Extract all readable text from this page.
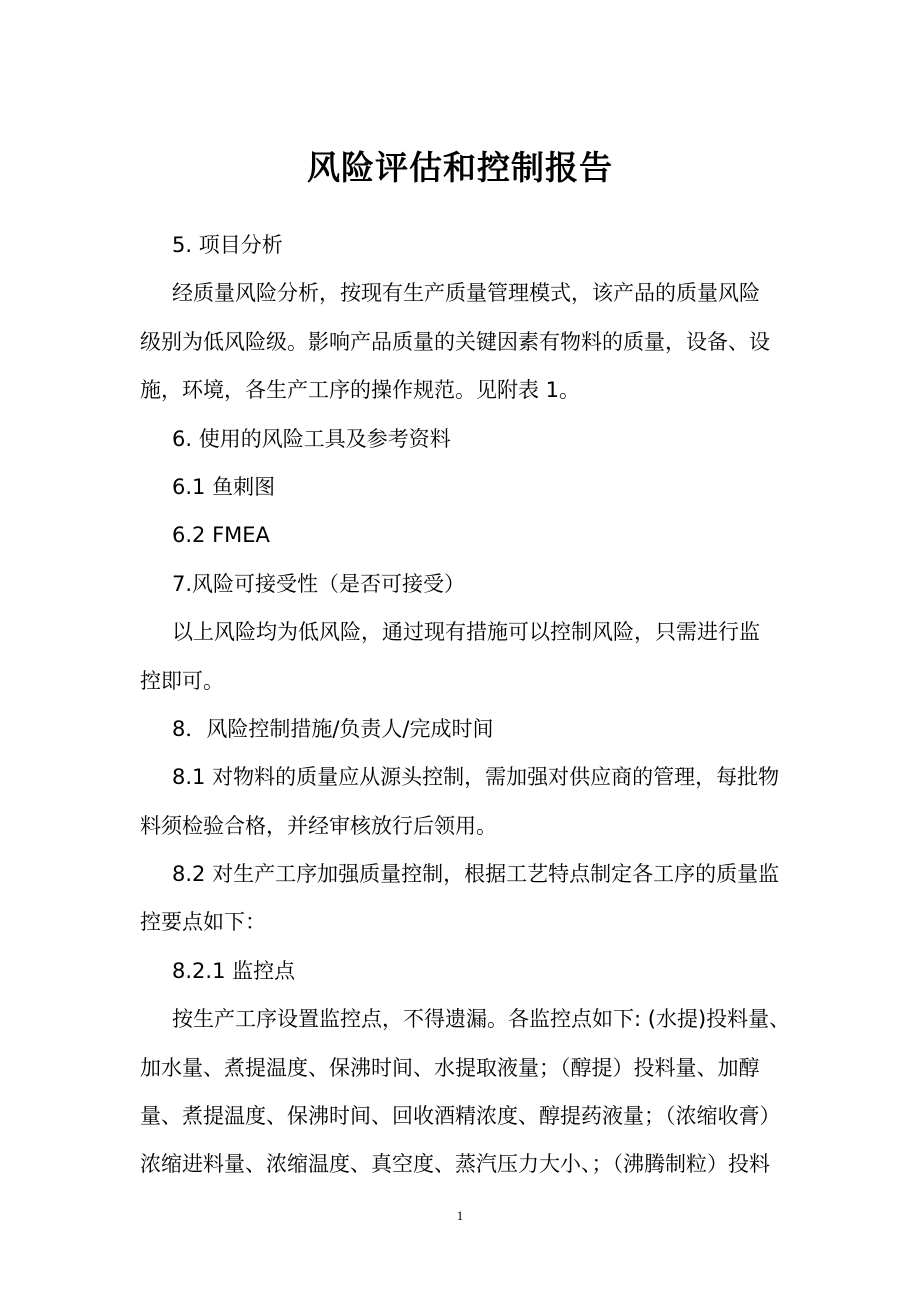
风险评估和控制报告
5. 项目分析
经质量风险分析，按现有生产质量管理模式，该产品的质量风险
级别为低风险级。影响产品质量的关键因素有物料的质量，设备、设
施，环境，各生产工序的操作规范。见附表 1。
6. 使用的风险工具及参考资料
6.1 鱼刺图
6.2 FMEA
7.风险可接受性（是否可接受）
以上风险均为低风险，通过现有措施可以控制风险，只需进行监
控即可。
8．风险控制措施/负责人/完成时间
8.1 对物料的质量应从源头控制，需加强对供应商的管理，每批物
料须检验合格，并经审核放行后领用。
8.2 对生产工序加强质量控制，根据工艺特点制定各工序的质量监
控要点如下：
8.2.1 监控点
按生产工序设置监控点，不得遗漏。各监控点如下: (水提)投料量、
加水量、煮提温度、保沸时间、水提取液量；（醇提）投料量、加醇
量、煮提温度、保沸时间、回收酒精浓度、醇提药液量；（浓缩收膏）
浓缩进料量、浓缩温度、真空度、蒸汽压力大小、；（沸腾制粒）投料
1
